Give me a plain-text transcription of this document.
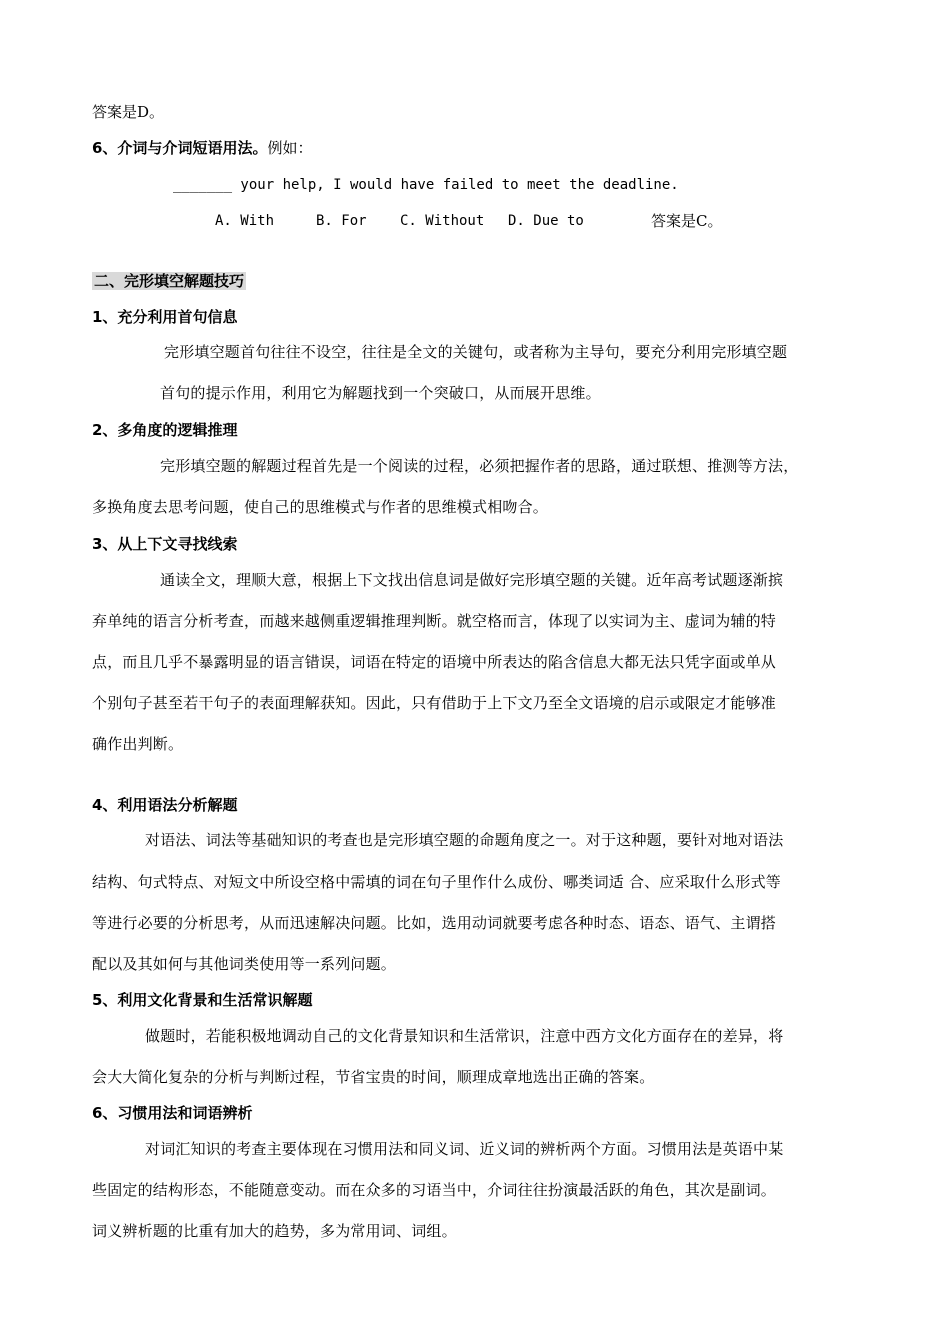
答案是D。
6、介词与介词短语用法。例如：
_______ your help, I would have failed to meet the deadline.
A. With	B. For C. Without D. Due to	答案是C。
二、完形填空解题技巧
1、充分利用首句信息
完形填空题首句往往不设空，往往是全文的关键句，或者称为主导句，要充分利用完形填空题
首句的提示作用，利用它为解题找到一个突破口，从而展开思维。
2、多角度的逻辑推理
完形填空题的解题过程首先是一个阅读的过程，必须把握作者的思路，通过联想、推测等方法，
多换角度去思考问题，使自己的思维模式与作者的思维模式相吻合。
3、从上下文寻找线索
通读全文，理顺大意，根据上下文找出信息词是做好完形填空题的关键。近年高考试题逐渐摈
弃单纯的语言分析考查，而越来越侧重逻辑推理判断。就空格而言，体现了以实词为主、虚词为辅的特
点，而且几乎不暴露明显的语言错误，词语在特定的语境中所表达的陷含信息大都无法只凭字面或单从
个别句子甚至若干句子的表面理解获知。因此，只有借助于上下文乃至全文语境的启示或限定才能够准
确作出判断。
4、利用语法分析解题
对语法、词法等基础知识的考查也是完形填空题的命题角度之一。对于这种题，要针对地对语法
结构、句式特点、对短文中所设空格中需填的词在句子里作什么成份、哪类词适 合、应采取什么形式等
等进行必要的分析思考，从而迅速解决问题。比如，选用动词就要考虑各种时态、语态、语气、主谓搭
配以及其如何与其他词类使用等一系列问题。
5、利用文化背景和生活常识解题
做题时，若能积极地调动自己的文化背景知识和生活常识，注意中西方文化方面存在的差异，将
会大大简化复杂的分析与判断过程，节省宝贵的时间，顺理成章地选出正确的答案。
6、习惯用法和词语辨析
对词汇知识的考查主要体现在习惯用法和同义词、近义词的辨析两个方面。习惯用法是英语中某
些固定的结构形态，不能随意变动。而在众多的习语当中，介词往往扮演最活跃的角色，其次是副词。
词义辨析题的比重有加大的趋势，多为常用词、词组。
